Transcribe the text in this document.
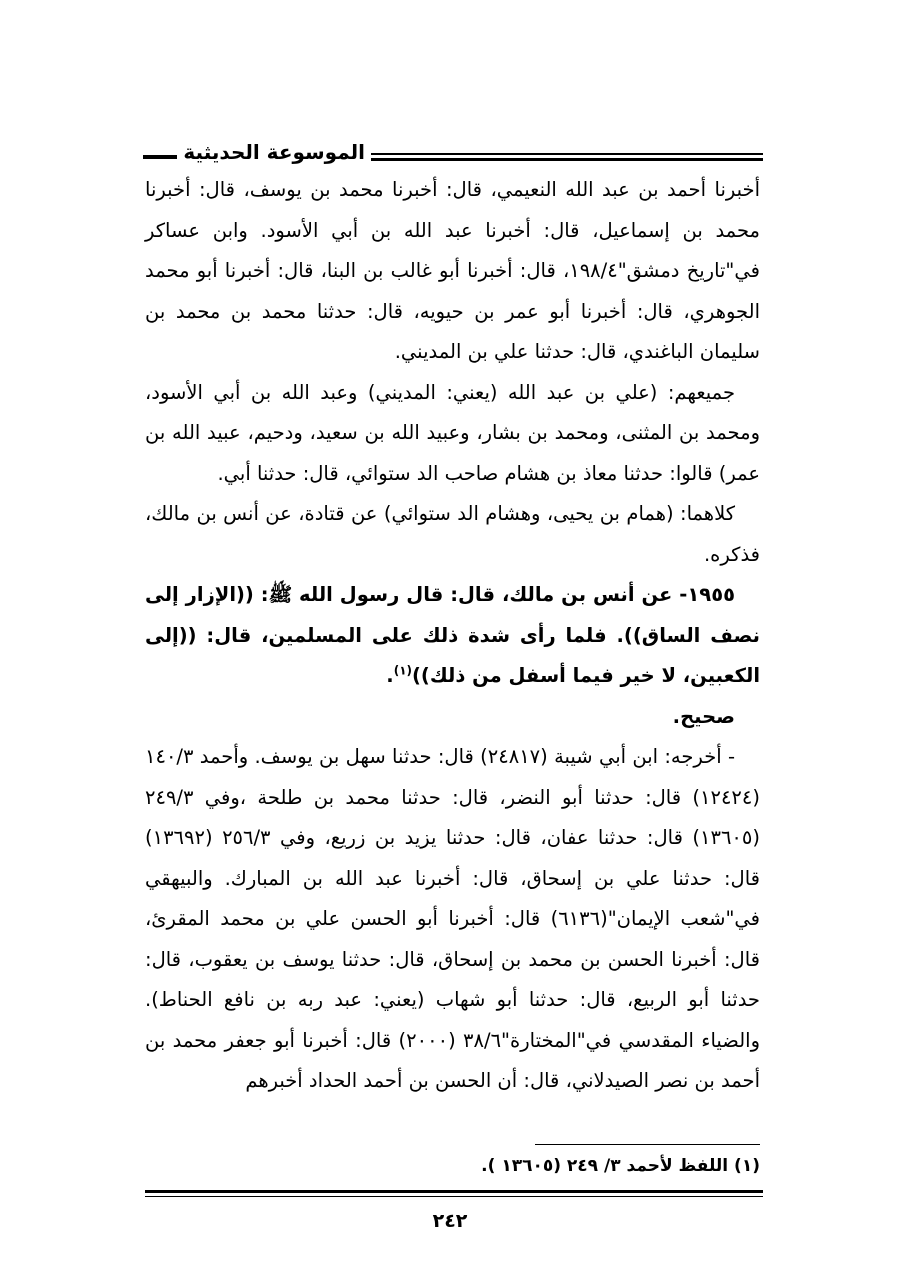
الموسوعة الحديثية

أخبرنا أحمد بن عبد الله النعيمي، قال: أخبرنا محمد بن يوسف، قال: أخبرنا محمد بن إسماعيل، قال: أخبرنا عبد الله بن أبي الأسود. وابن عساكر في"تاريخ دمشق"١٩٨/٤، قال: أخبرنا أبو غالب بن البنا، قال: أخبرنا أبو محمد الجوهري، قال: أخبرنا أبو عمر بن حيويه، قال: حدثنا محمد بن محمد بن سليمان الباغندي، قال: حدثنا علي بن المديني.

جميعهم: (علي بن عبد الله (يعني: المديني) وعبد الله بن أبي الأسود، ومحمد بن المثنى، ومحمد بن بشار، وعبيد الله بن سعيد، ودحيم، عبيد الله بن عمر) قالوا: حدثنا معاذ بن هشام صاحب الد ستوائي، قال: حدثنا أبي.

كلاهما: (همام بن يحيى، وهشام الد ستوائي) عن قتادة، عن أنس بن مالك، فذكره.

١٩٥٥- عن أنس بن مالك، قال: قال رسول الله ﷺ: ((الإزار إلى نصف الساق)). فلما رأى شدة ذلك على المسلمين، قال: ((إلى الكعبين، لا خير فيما أسفل من ذلك))$^{(١)}$.

صحيح.

- أخرجه: ابن أبي شيبة (٢٤٨١٧) قال: حدثنا سهل بن يوسف. وأحمد ١٤٠/٣ (١٢٤٢٤) قال: حدثنا أبو النضر، قال: حدثنا محمد بن طلحة ،وفي ٢٤٩/٣ (١٣٦٠٥) قال: حدثنا عفان، قال: حدثنا يزيد بن زريع، وفي ٢٥٦/٣ (١٣٦٩٢) قال: حدثنا علي بن إسحاق، قال: أخبرنا عبد الله بن المبارك. والبيهقي في"شعب الإيمان"(٦١٣٦) قال: أخبرنا أبو الحسن علي بن محمد المقرئ، قال: أخبرنا الحسن بن محمد بن إسحاق، قال: حدثنا يوسف بن يعقوب، قال: حدثنا أبو الربيع، قال: حدثنا أبو شهاب (يعني: عبد ربه بن نافع الحناط). والضياء المقدسي في"المختارة"٣٨/٦ (٢٠٠٠) قال: أخبرنا أبو جعفر محمد بن أحمد بن نصر الصيدلاني، قال: أن الحسن بن أحمد الحداد أخبرهم

(١) اللفظ لأحمد ٣/ ٢٤٩ (١٣٦٠٥ ).
٢٤٢
